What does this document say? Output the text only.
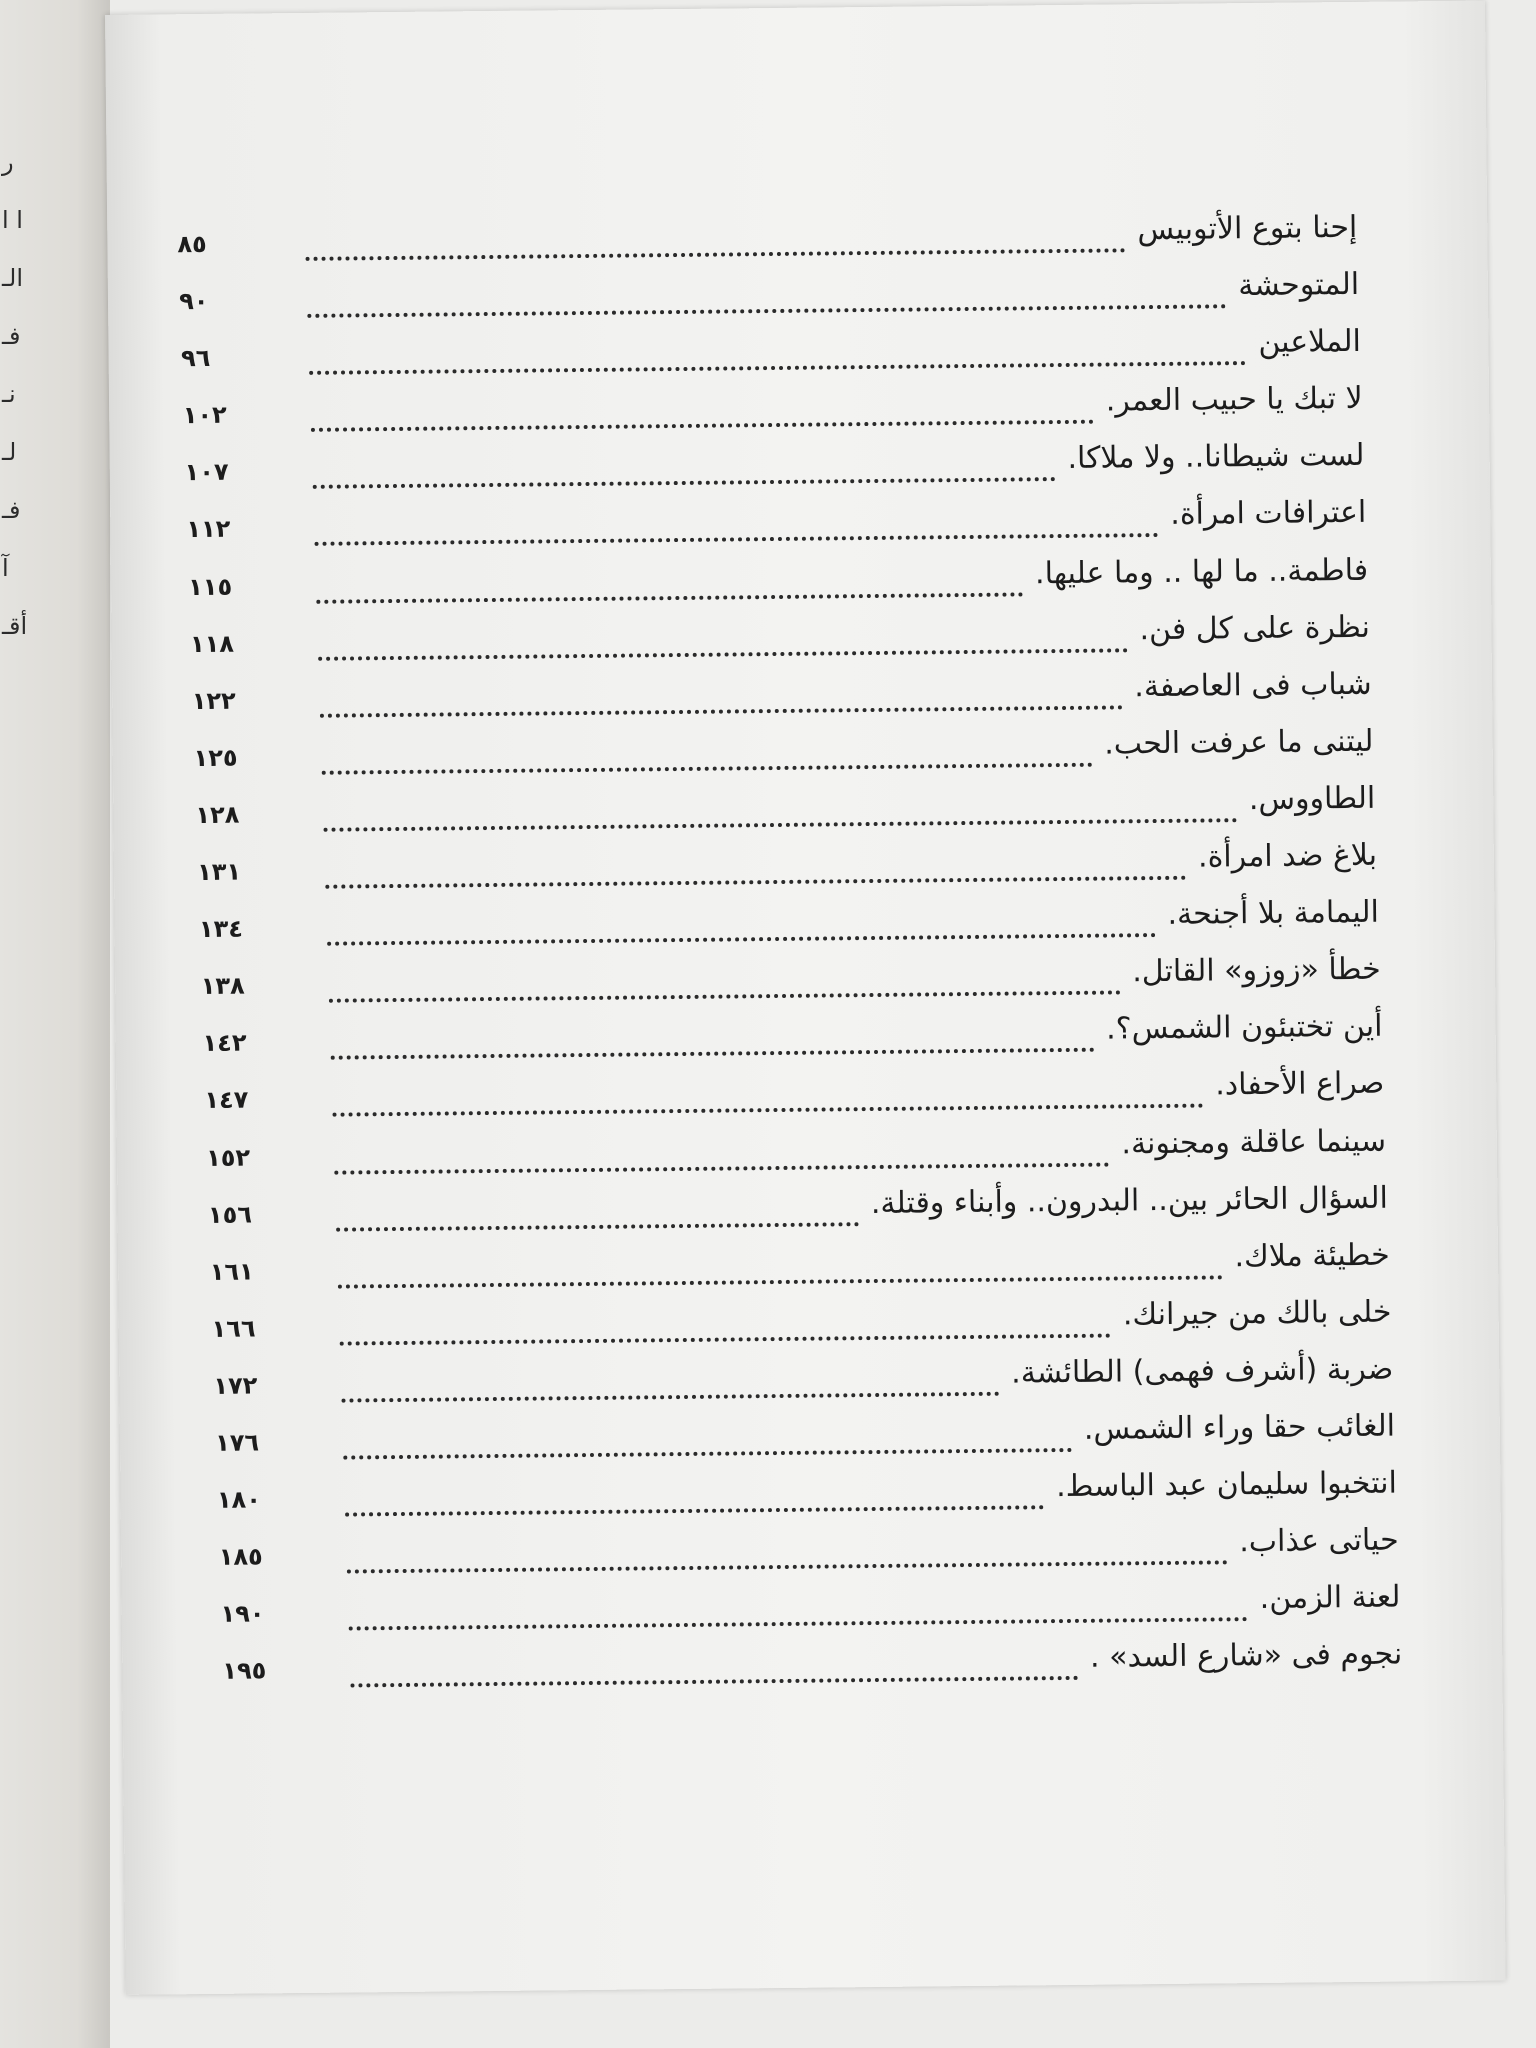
ر
ا ا
الـ
فـ
نـ
لـ
فـ
آ
أقـ
إحنا بتوع الأتوبيس
٨٥
المتوحشة
٩٠
الملاعين
٩٦
لا تبك يا حبيب العمر.
١٠٢
لست شيطانا.. ولا ملاكا.
١٠٧
اعترافات امرأة.
١١٢
فاطمة.. ما لها .. وما عليها.
١١٥
نظرة على كل فن.
١١٨
شباب فى العاصفة.
١٢٢
ليتنى ما عرفت الحب.
١٢٥
الطاووس.
١٢٨
بلاغ ضد امرأة.
١٣١
اليمامة بلا أجنحة.
١٣٤
خطأ «زوزو» القاتل.
١٣٨
أين تختبئون الشمس؟.
١٤٢
صراع الأحفاد.
١٤٧
سينما عاقلة ومجنونة.
١٥٢
السؤال الحائر بين.. البدرون.. وأبناء وقتلة.
١٥٦
خطيئة ملاك.
١٦١
خلى بالك من جيرانك.
١٦٦
ضربة (أشرف فهمى) الطائشة.
١٧٢
الغائب حقا وراء الشمس.
١٧٦
انتخبوا سليمان عبد الباسط.
١٨٠
حياتى عذاب.
١٨٥
لعنة الزمن.
١٩٠
نجوم فى «شارع السد» .
١٩٥
